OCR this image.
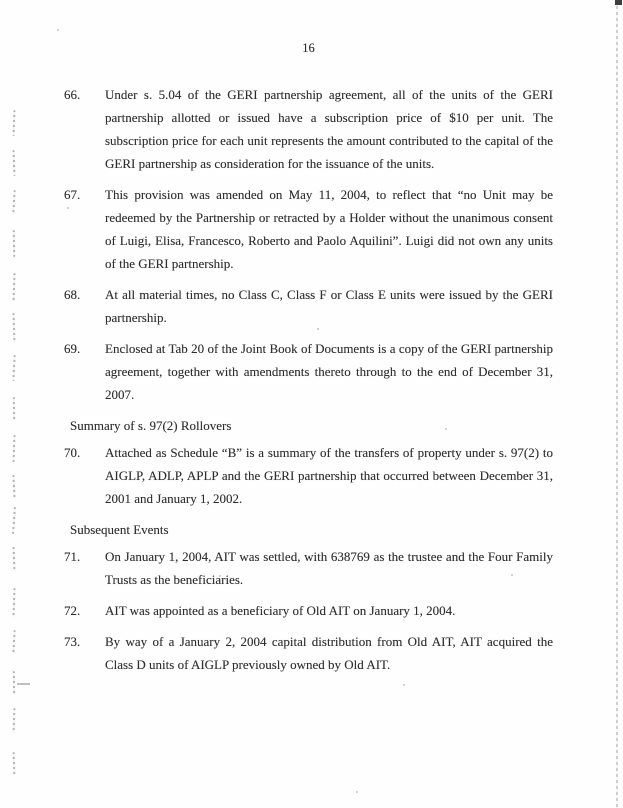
16
66.	Under s. 5.04 of the GERI partnership agreement, all of the units of the GERI partnership allotted or issued have a subscription price of $10 per unit. The subscription price for each unit represents the amount contributed to the capital of the GERI partnership as consideration for the issuance of the units.
67.	This provision was amended on May 11, 2004, to reflect that “no Unit may be redeemed by the Partnership or retracted by a Holder without the unanimous consent of Luigi, Elisa, Francesco, Roberto and Paolo Aquilini”. Luigi did not own any units of the GERI partnership.
68.	At all material times, no Class C, Class F or Class E units were issued by the GERI partnership.
69.	Enclosed at Tab 20 of the Joint Book of Documents is a copy of the GERI partnership agreement, together with amendments thereto through to the end of December 31, 2007.
Summary of s. 97(2) Rollovers
70.	Attached as Schedule “B” is a summary of the transfers of property under s. 97(2) to AIGLP, ADLP, APLP and the GERI partnership that occurred between December 31, 2001 and January 1, 2002.
Subsequent Events
71.	On January 1, 2004, AIT was settled, with 638769 as the trustee and the Four Family Trusts as the beneficiaries.
72.	AIT was appointed as a beneficiary of Old AIT on January 1, 2004.
73.	By way of a January 2, 2004 capital distribution from Old AIT, AIT acquired the Class D units of AIGLP previously owned by Old AIT.
